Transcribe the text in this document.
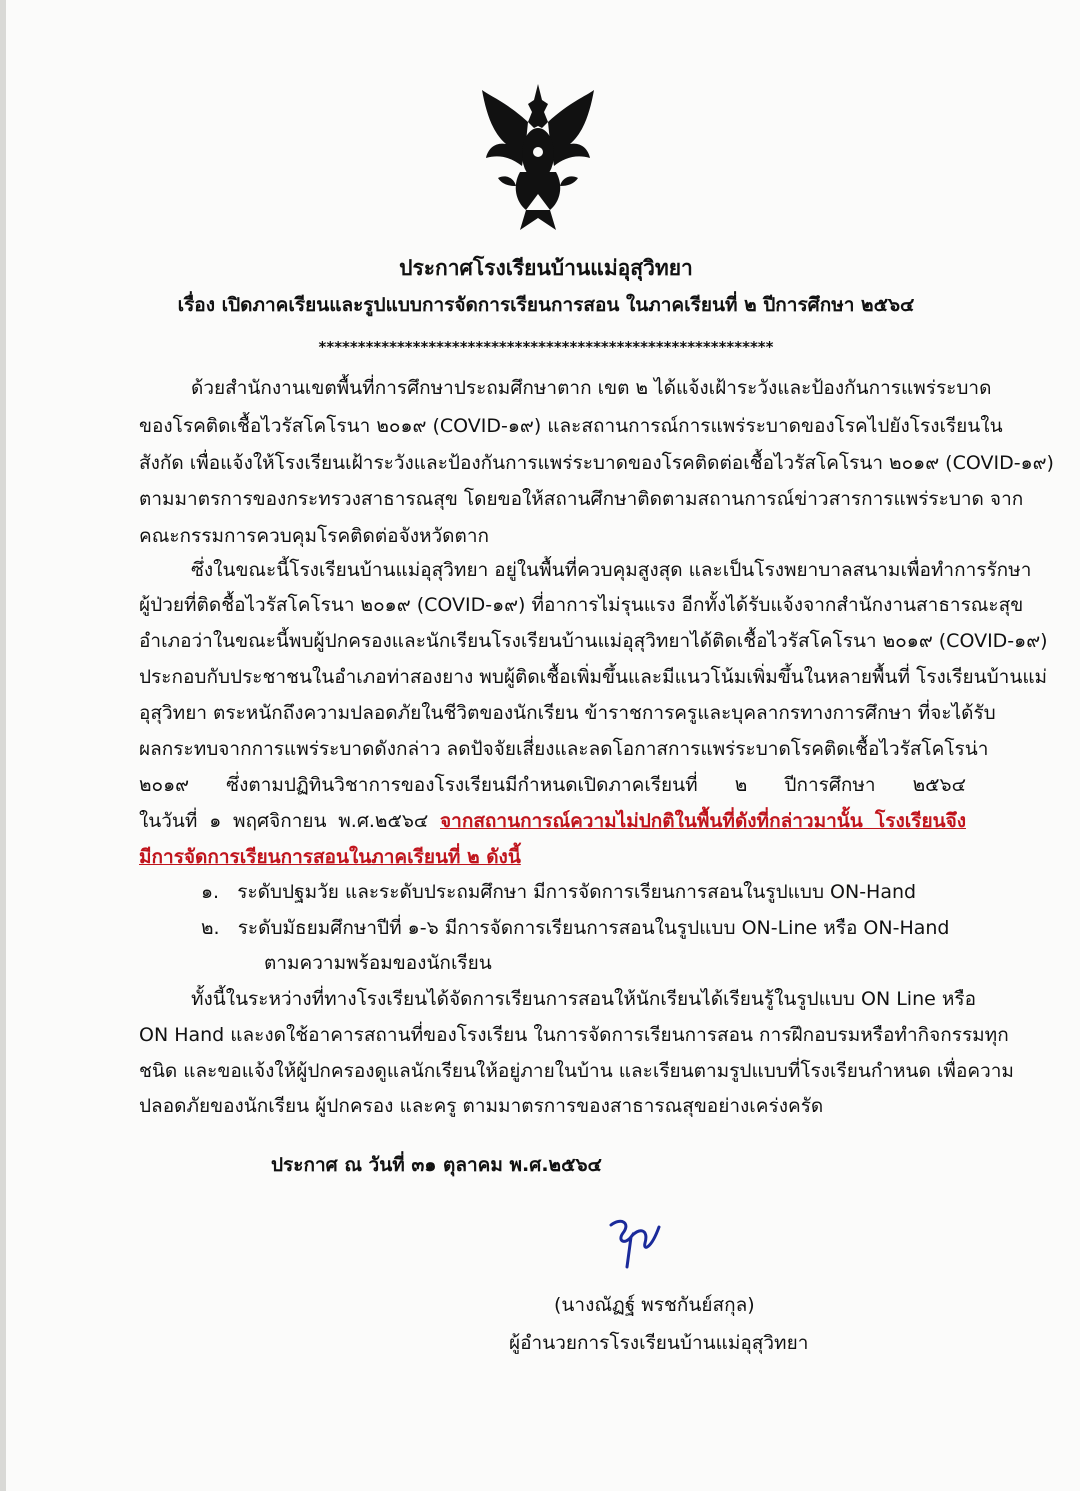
ประกาศโรงเรียนบ้านแม่อุสุวิทยา
เรื่อง เปิดภาคเรียนและรูปแบบการจัดการเรียนการสอน ในภาคเรียนที่ ๒ ปีการศึกษา ๒๕๖๔
**********************************************************
ด้วยสำนักงานเขตพื้นที่การศึกษาประถมศึกษาตาก เขต ๒ ได้แจ้งเฝ้าระวังและป้องกันการแพร่ระบาด
ของโรคติดเชื้อไวรัสโคโรนา ๒๐๑๙ (COVID-๑๙) และสถานการณ์การแพร่ระบาดของโรคไปยังโรงเรียนใน
สังกัด เพื่อแจ้งให้โรงเรียนเฝ้าระวังและป้องกันการแพร่ระบาดของโรคติดต่อเชื้อไวรัสโคโรนา ๒๐๑๙ (COVID-๑๙)
ตามมาตรการของกระทรวงสาธารณสุข โดยขอให้สถานศึกษาติดตามสถานการณ์ข่าวสารการแพร่ระบาด จาก
คณะกรรมการควบคุมโรคติดต่อจังหวัดตาก
ซึ่งในขณะนี้โรงเรียนบ้านแม่อุสุวิทยา อยู่ในพื้นที่ควบคุมสูงสุด และเป็นโรงพยาบาลสนามเพื่อทำการรักษา
ผู้ป่วยที่ติดชื้อไวรัสโคโรนา ๒๐๑๙ (COVID-๑๙) ที่อาการไม่รุนแรง อีกทั้งได้รับแจ้งจากสำนักงานสาธารณะสุข
อำเภอว่าในขณะนี้พบผู้ปกครองและนักเรียนโรงเรียนบ้านแม่อุสุวิทยาได้ติดเชื้อไวรัสโคโรนา ๒๐๑๙ (COVID-๑๙)
ประกอบกับประชาชนในอำเภอท่าสองยาง พบผู้ติดเชื้อเพิ่มขึ้นและมีแนวโน้มเพิ่มขึ้นในหลายพื้นที่ โรงเรียนบ้านแม่
อุสุวิทยา ตระหนักถึงความปลอดภัยในชีวิตของนักเรียน ข้าราชการครูและบุคลากรทางการศึกษา ที่จะได้รับ
ผลกระทบจากการแพร่ระบาดดังกล่าว ลดปัจจัยเสี่ยงและลดโอกาสการแพร่ระบาดโรคติดเชื้อไวรัสโคโรน่า
๒๐๑๙ ซึ่งตามปฏิทินวิชาการของโรงเรียนมีกำหนดเปิดภาคเรียนที่ ๒ ปีการศึกษา ๒๕๖๔
ในวันที่ ๑ พฤศจิกายน พ.ศ.๒๕๖๔ จากสถานการณ์ความไม่ปกติในพื้นที่ดังที่กล่าวมานั้น โรงเรียนจึง
มีการจัดการเรียนการสอนในภาคเรียนที่ ๒ ดังนี้
๑. ระดับปฐมวัย และระดับประถมศึกษา มีการจัดการเรียนการสอนในรูปแบบ ON-Hand
๒. ระดับมัธยมศึกษาปีที่ ๑-๖ มีการจัดการเรียนการสอนในรูปแบบ ON-Line หรือ ON-Hand
ตามความพร้อมของนักเรียน
ทั้งนี้ในระหว่างที่ทางโรงเรียนได้จัดการเรียนการสอนให้นักเรียนได้เรียนรู้ในรูปแบบ ON Line หรือ
ON Hand และงดใช้อาคารสถานที่ของโรงเรียน ในการจัดการเรียนการสอน การฝึกอบรมหรือทำกิจกรรมทุก
ชนิด และขอแจ้งให้ผู้ปกครองดูแลนักเรียนให้อยู่ภายในบ้าน และเรียนตามรูปแบบที่โรงเรียนกำหนด เพื่อความ
ปลอดภัยของนักเรียน ผู้ปกครอง และครู ตามมาตรการของสาธารณสุขอย่างเคร่งครัด
ประกาศ ณ วันที่ ๓๑ ตุลาคม พ.ศ.๒๕๖๔
(นางณัฏฐ์ พรชกันย์สกุล)
ผู้อำนวยการโรงเรียนบ้านแม่อุสุวิทยา
